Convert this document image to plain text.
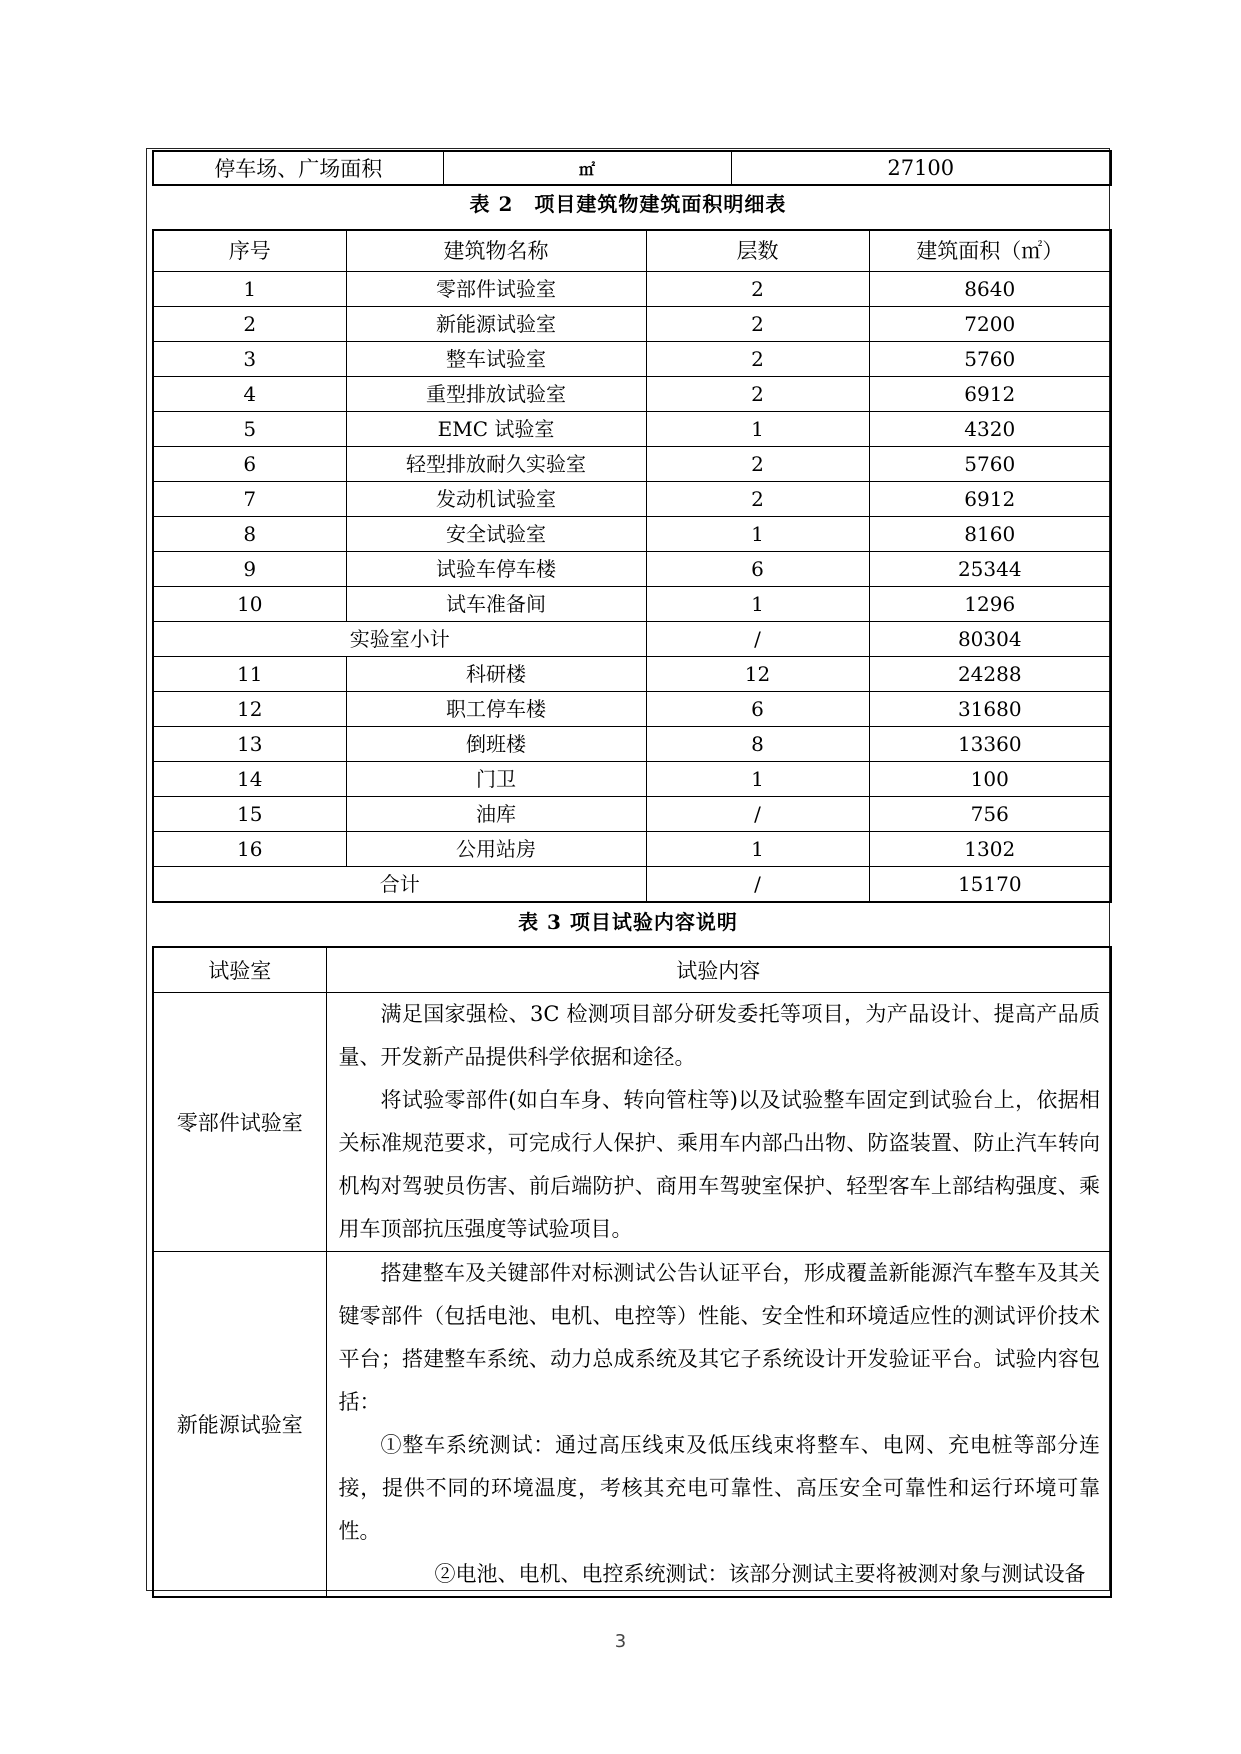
停车场、广场面积	㎡	27100
表 2　项目建筑物建筑面积明细表
序号	建筑物名称	层数	建筑面积（㎡）
1	零部件试验室	2	8640
2	新能源试验室	2	7200
3	整车试验室	2	5760
4	重型排放试验室	2	6912
5	EMC 试验室	1	4320
6	轻型排放耐久实验室	2	5760
7	发动机试验室	2	6912
8	安全试验室	1	8160
9	试验车停车楼	6	25344
10	试车准备间	1	1296
实验室小计		/	80304
11	科研楼	12	24288
12	职工停车楼	6	31680
13	倒班楼	8	13360
14	门卫	1	100
15	油库	/	756
16	公用站房	1	1302
合计		/	15170
表 3 项目试验内容说明
试验室	试验内容
零部件试验室	满足国家强检、3C 检测项目部分研发委托等项目，为产品设计、提高产品质量、开发新产品提供科学依据和途径。

将试验零部件(如白车身、转向管柱等)以及试验整车固定到试验台上，依据相关标准规范要求，可完成行人保护、乘用车内部凸出物、防盗装置、防止汽车转向机构对驾驶员伤害、前后端防护、商用车驾驶室保护、轻型客车上部结构强度、乘用车顶部抗压强度等试验项目。

新能源试验室	搭建整车及关键部件对标测试公告认证平台，形成覆盖新能源汽车整车及其关键零部件（包括电池、电机、电控等）性能、安全性和环境适应性的测试评价技术平台；搭建整车系统、动力总成系统及其它子系统设计开发验证平台。试验内容包括：

①整车系统测试：通过高压线束及低压线束将整车、电网、充电桩等部分连接，提供不同的环境温度，考核其充电可靠性、高压安全可靠性和运行环境可靠性。

②电池、电机、电控系统测试：该部分测试主要将被测对象与测试设备

3
